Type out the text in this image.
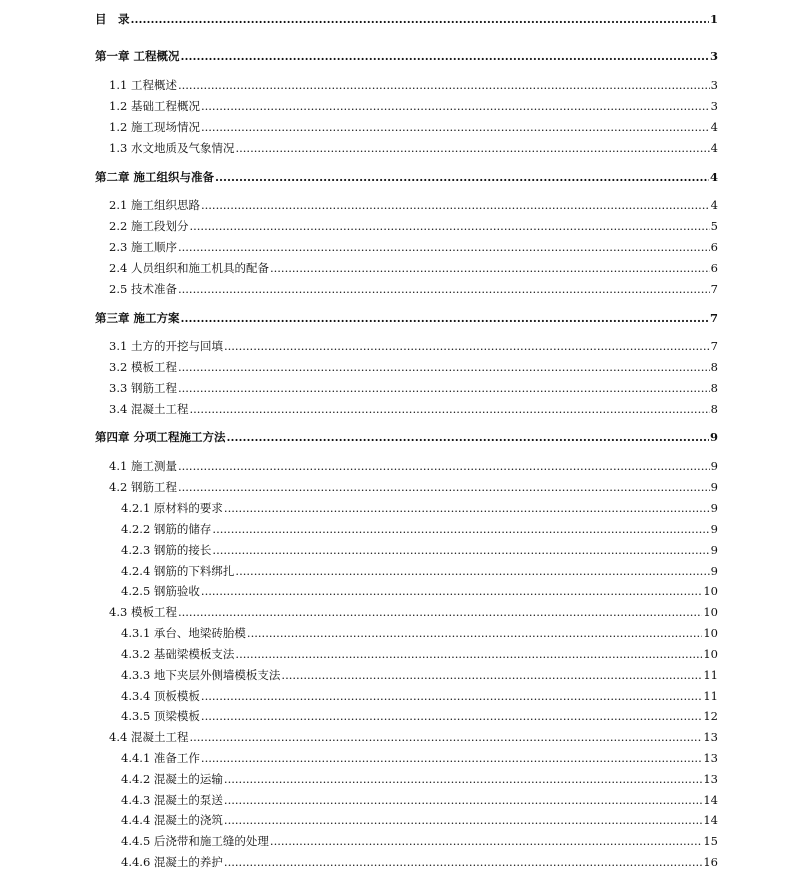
目　录 .....	1
第一章 工程概况 .....	3
1.1 工程概述 .....	3
1.2 基础工程概况 .....	3
1.2 施工现场情况 .....	4
1.3 水文地质及气象情况 .....	4
第二章 施工组织与准备 .....	4
2.1 施工组织思路 .....	4
2.2 施工段划分 .....	5
2.3 施工顺序 .....	6
2.4 人员组织和施工机具的配备 .....	6
2.5 技术准备 .....	7
第三章 施工方案 .....	7
3.1 土方的开挖与回填 .....	7
3.2 模板工程 .....	8
3.3 钢筋工程 .....	8
3.4 混凝土工程 .....	8
第四章 分项工程施工方法 .....	9
4.1 施工测量 .....	9
4.2 钢筋工程 .....	9
4.2.1 原材料的要求 .....	9
4.2.2 钢筋的储存 .....	9
4.2.3 钢筋的接长 .....	9
4.2.4 钢筋的下料绑扎 .....	9
4.2.5 钢筋验收 .....	10
4.3 模板工程 .....	10
4.3.1 承台、地梁砖胎模 .....	10
4.3.2 基础梁模板支法 .....	10
4.3.3 地下夹层外侧墙模板支法 .....	11
4.3.4 顶板模板 .....	11
4.3.5 顶梁模板 .....	12
4.4 混凝土工程 .....	13
4.4.1 准备工作 .....	13
4.4.2 混凝土的运输 .....	13
4.4.3 混凝土的泵送 .....	14
4.4.4 混凝土的浇筑 .....	14
4.4.5 后浇带和施工缝的处理 .....	15
4.4.6 混凝土的养护 .....	16
